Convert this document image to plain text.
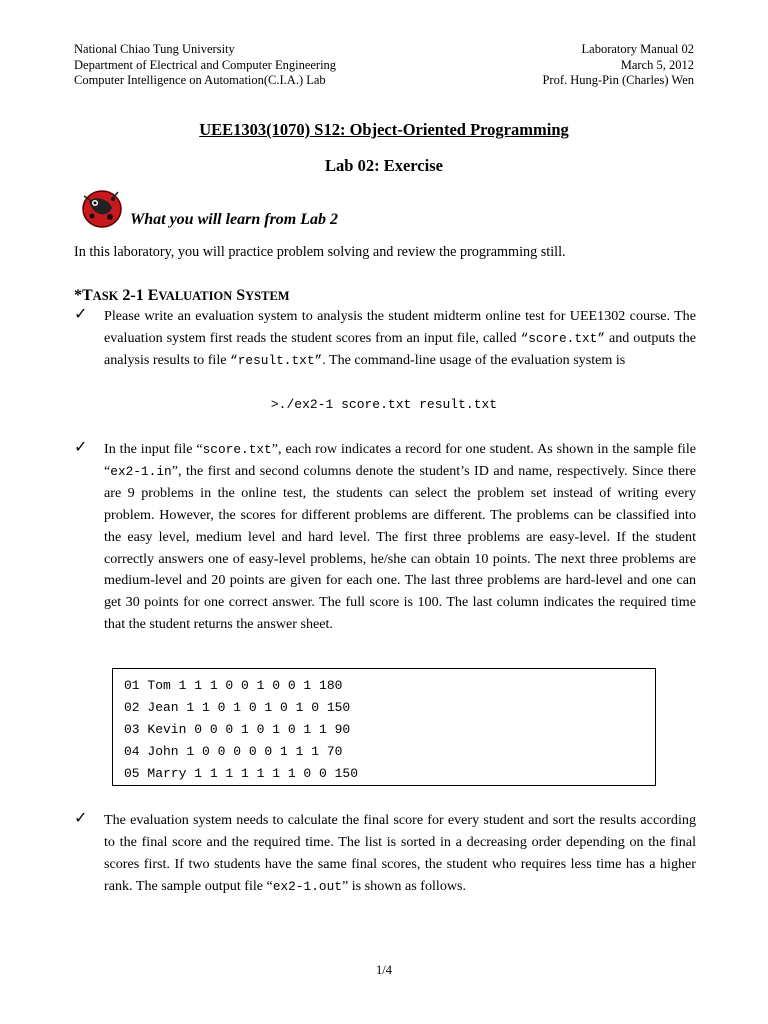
National Chiao Tung University
Department of Electrical and Computer Engineering
Computer Intelligence on Automation(C.I.A.) Lab
Laboratory Manual 02
March 5, 2012
Prof. Hung-Pin (Charles) Wen
UEE1303(1070) S12: Object-Oriented Programming
Lab 02: Exercise
What you will learn from Lab 2
In this laboratory, you will practice problem solving and review the programming still.
*TASK 2-1 EVALUATION SYSTEM
✓ Please write an evaluation system to analysis the student midterm online test for UEE1302 course. The evaluation system first reads the student scores from an input file, called “score.txt” and outputs the analysis results to file “result.txt”. The command-line usage of the evaluation system is
>./ex2-1 score.txt result.txt
✓ In the input file “score.txt”, each row indicates a record for one student. As shown in the sample file “ex2-1.in”, the first and second columns denote the student’s ID and name, respectively. Since there are 9 problems in the online test, the students can select the problem set instead of writing every problem. However, the scores for different problems are different. The problems can be classified into the easy level, medium level and hard level. The first three problems are easy-level. If the student correctly answers one of easy-level problems, he/she can obtain 10 points. The next three problems are medium-level and 20 points are given for each one. The last three problems are hard-level and one can get 30 points for one correct answer. The full score is 100. The last column indicates the required time that the student returns the answer sheet.
01 Tom 1 1 1 0 0 1 0 0 1 180
02 Jean 1 1 0 1 0 1 0 1 0 150
03 Kevin 0 0 0 1 0 1 0 1 1 90
04 John 1 0 0 0 0 0 1 1 1 70
05 Marry 1 1 1 1 1 1 1 0 0 150
✓ The evaluation system needs to calculate the final score for every student and sort the results according to the final score and the required time. The list is sorted in a decreasing order depending on the final scores first. If two students have the same final scores, the student who requires less time has a higher rank. The sample output file “ex2-1.out” is shown as follows.
1/4
